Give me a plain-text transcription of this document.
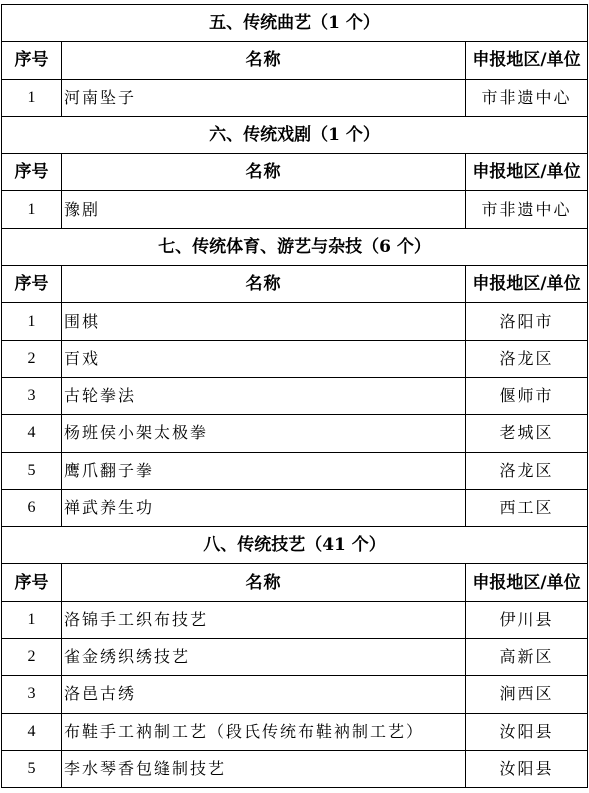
五、传统曲艺（1 个）		
序号	名称	申报地区/单位
1	河南坠子	市非遗中心
六、传统戏剧（1 个）		
序号	名称	申报地区/单位
1	豫剧	市非遗中心
七、传统体育、游艺与杂技（6 个）		
序号	名称	申报地区/单位
1	围棋	洛阳市
2	百戏	洛龙区
3	古轮拳法	偃师市
4	杨班侯小架太极拳	老城区
5	鹰爪翻子拳	洛龙区
6	禅武养生功	西工区
八、传统技艺（41 个）		
序号	名称	申报地区/单位
1	洛锦手工织布技艺	伊川县
2	雀金绣织绣技艺	高新区
3	洛邑古绣	涧西区
4	布鞋手工衲制工艺（段氏传统布鞋衲制工艺）	汝阳县
5	李水琴香包缝制技艺	汝阳县
